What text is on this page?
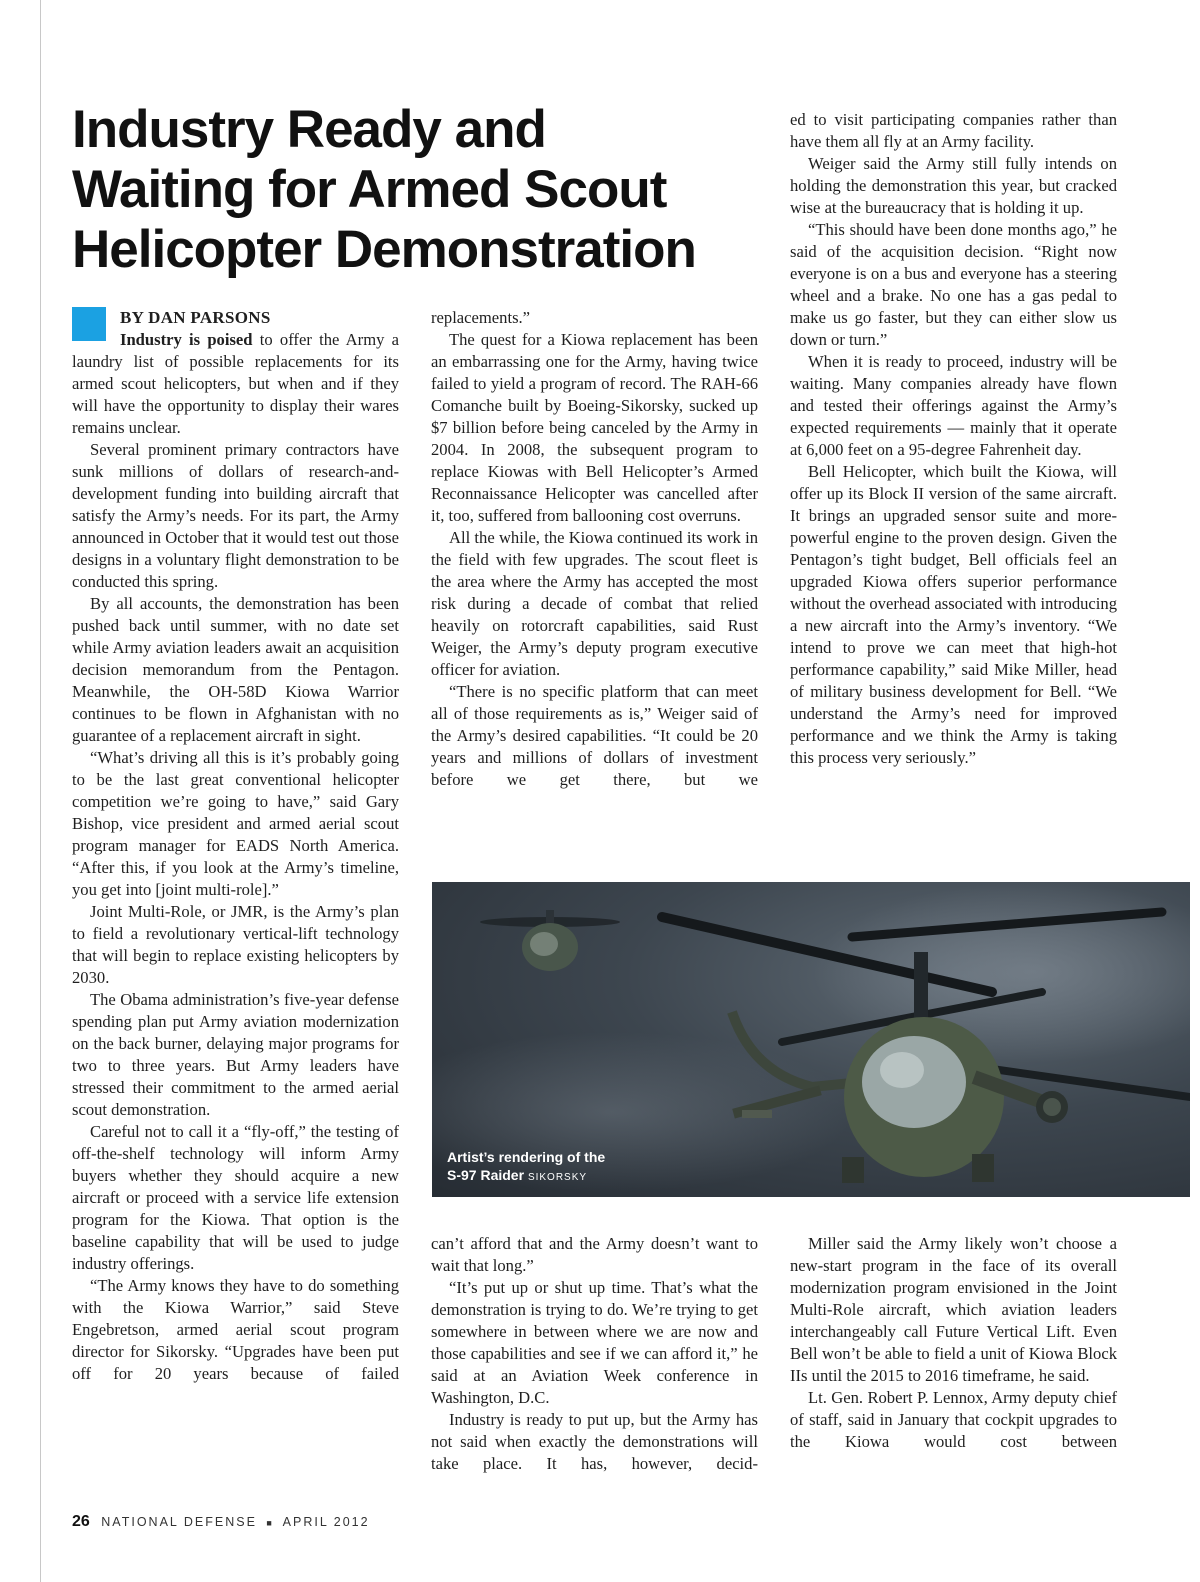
Industry Ready and
Waiting for Armed Scout
Helicopter Demonstration
BY DAN PARSONS

Industry is poised to offer the Army a laundry list of possible replacements for its armed scout helicopters, but when and if they will have the opportunity to display their wares remains unclear.

Several prominent primary contractors have sunk millions of dollars of research-and-development funding into building aircraft that satisfy the Army’s needs. For its part, the Army announced in October that it would test out those designs in a voluntary flight demonstration to be conducted this spring.

By all accounts, the demonstration has been pushed back until summer, with no date set while Army aviation leaders await an acquisition decision memorandum from the Pentagon. Meanwhile, the OH-58D Kiowa Warrior continues to be flown in Afghanistan with no guarantee of a replacement aircraft in sight.

“What’s driving all this is it’s probably going to be the last great conventional helicopter competition we’re going to have,” said Gary Bishop, vice president and armed aerial scout program manager for EADS North America. “After this, if you look at the Army’s timeline, you get into [joint multi-role].”

Joint Multi-Role, or JMR, is the Army’s plan to field a revolutionary vertical-lift technology that will begin to replace existing helicopters by 2030.

The Obama administration’s five-year defense spending plan put Army aviation modernization on the back burner, delaying major programs for two to three years. But Army leaders have stressed their commitment to the armed aerial scout demonstration.

Careful not to call it a “fly-off,” the testing of off-the-shelf technology will inform Army buyers whether they should acquire a new aircraft or proceed with a service life extension program for the Kiowa. That option is the baseline capability that will be used to judge industry offerings.

“The Army knows they have to do something with the Kiowa Warrior,” said Steve Engebretson, armed aerial scout program director for Sikorsky. “Upgrades have been put off for 20 years because of failed

replacements.”

The quest for a Kiowa replacement has been an embarrassing one for the Army, having twice failed to yield a program of record. The RAH-66 Comanche built by Boeing-Sikorsky, sucked up $7 billion before being canceled by the Army in 2004. In 2008, the subsequent program to replace Kiowas with Bell Helicopter’s Armed Reconnaissance Helicopter was cancelled after it, too, suffered from ballooning cost overruns.

All the while, the Kiowa continued its work in the field with few upgrades. The scout fleet is the area where the Army has accepted the most risk during a decade of combat that relied heavily on rotorcraft capabilities, said Rust Weiger, the Army’s deputy program executive officer for aviation.

“There is no specific platform that can meet all of those requirements as is,” Weiger said of the Army’s desired capabilities. “It could be 20 years and millions of dollars of investment before we get there, but we

ed to visit participating companies rather than have them all fly at an Army facility.

Weiger said the Army still fully intends on holding the demonstration this year, but cracked wise at the bureaucracy that is holding it up.

“This should have been done months ago,” he said of the acquisition decision. “Right now everyone is on a bus and everyone has a steering wheel and a brake. No one has a gas pedal to make us go faster, but they can either slow us down or turn.”

When it is ready to proceed, industry will be waiting. Many companies already have flown and tested their offerings against the Army’s expected requirements — mainly that it operate at 6,000 feet on a 95-degree Fahrenheit day.

Bell Helicopter, which built the Kiowa, will offer up its Block II version of the same aircraft. It brings an upgraded sensor suite and more-powerful engine to the proven design. Given the Pentagon’s tight budget, Bell officials feel an upgraded Kiowa offers superior performance without the overhead associated with introducing a new aircraft into the Army’s inventory. “We intend to prove we can meet that high-hot performance capability,” said Mike Miller, head of military business development for Bell. “We understand the Army’s need for improved performance and we think the Army is taking this process very seriously.”

Artist’s rendering of the
S-97 Raider SIKORSKY

can’t afford that and the Army doesn’t want to wait that long.”

“It’s put up or shut up time. That’s what the demonstration is trying to do. We’re trying to get somewhere in between where we are now and those capabilities and see if we can afford it,” he said at an Aviation Week conference in Washington, D.C.

Industry is ready to put up, but the Army has not said when exactly the demonstrations will take place. It has, however, decid-

Miller said the Army likely won’t choose a new-start program in the face of its overall modernization program envisioned in the Joint Multi-Role aircraft, which aviation leaders interchangeably call Future Vertical Lift. Even Bell won’t be able to field a unit of Kiowa Block IIs until the 2015 to 2016 timeframe, he said.

Lt. Gen. Robert P. Lennox, Army deputy chief of staff, said in January that cockpit upgrades to the Kiowa would cost between

26 NATIONAL DEFENSE ■ APRIL 2012
